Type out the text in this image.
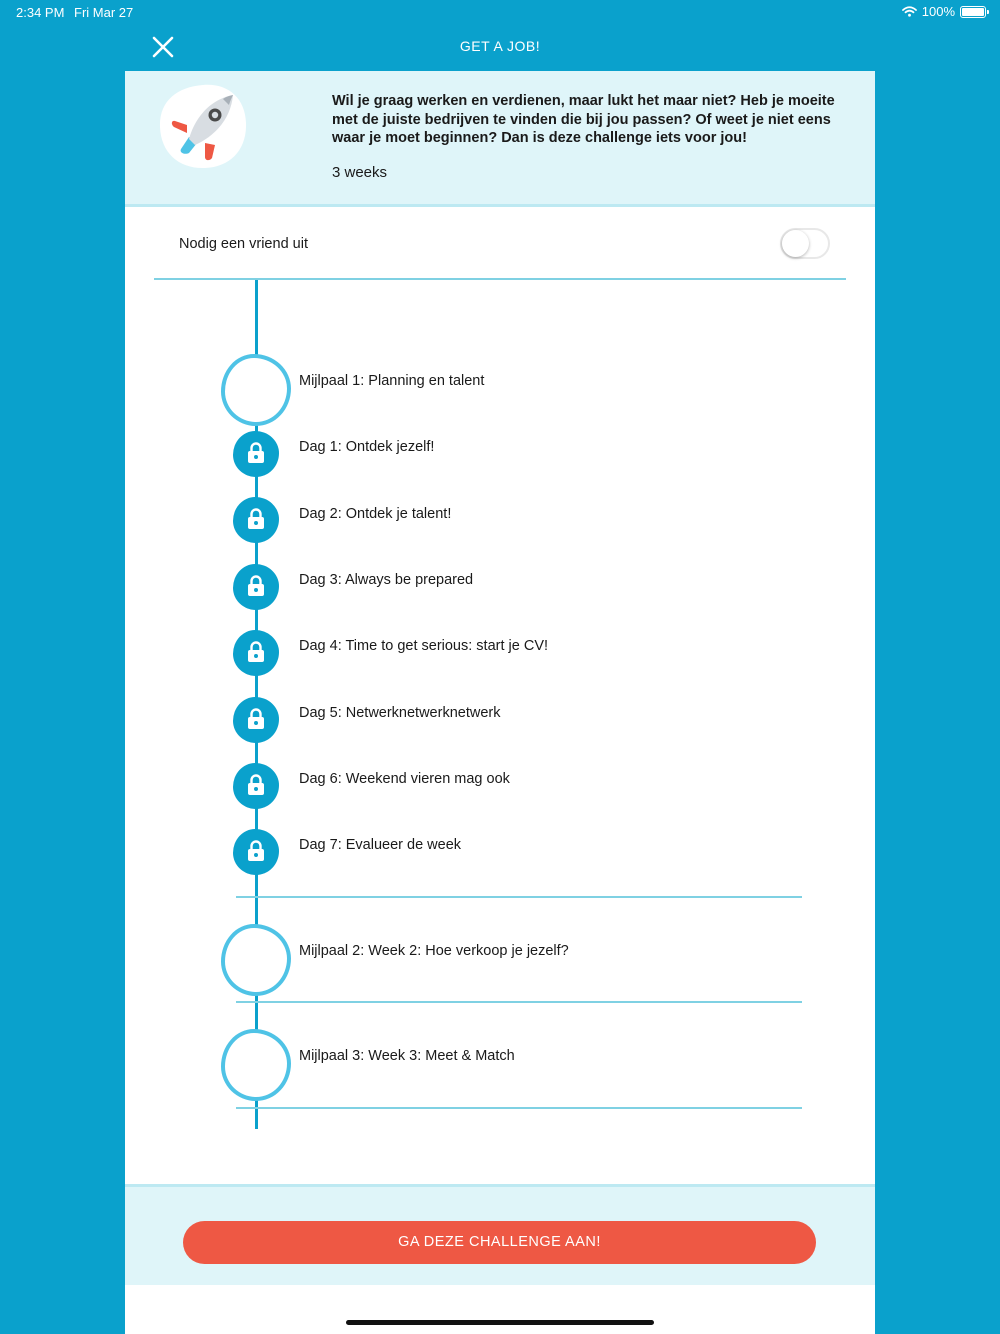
2:34 PM Fri Mar 27	100%
GET A JOB!
Wil je graag werken en verdienen, maar lukt het maar niet? Heb je moeite met de juiste bedrijven te vinden die bij jou passen? Of weet je niet eens waar je moet beginnen? Dan is deze challenge iets voor jou!
3 weeks
Nodig een vriend uit
Mijlpaal 1: Planning en talent
Dag 1: Ontdek jezelf!
Dag 2: Ontdek je talent!
Dag 3: Always be prepared
Dag 4: Time to get serious: start je CV!
Dag 5: Netwerknetwerknetwerk
Dag 6: Weekend vieren mag ook
Dag 7: Evalueer de week
Mijlpaal 2: Week 2: Hoe verkoop je jezelf?
Mijlpaal 3: Week 3: Meet & Match
GA DEZE CHALLENGE AAN!
